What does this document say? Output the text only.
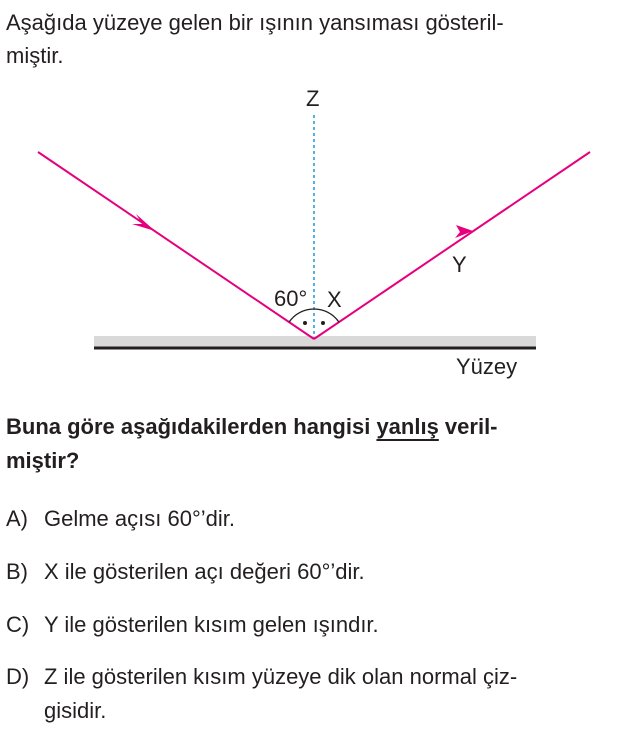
Aşağıda yüzeye gelen bir ışının yansıması gösteril-
miştir.
Z
60° X
Y
Yüzey
Buna göre aşağıdakilerden hangisi yanlış veril-
miştir?
A) Gelme açısı 60°’dir.
B) X ile gösterilen açı değeri 60°’dir.
C) Y ile gösterilen kısım gelen ışındır.
D) Z ile gösterilen kısım yüzeye dik olan normal çiz-
gisidir.
